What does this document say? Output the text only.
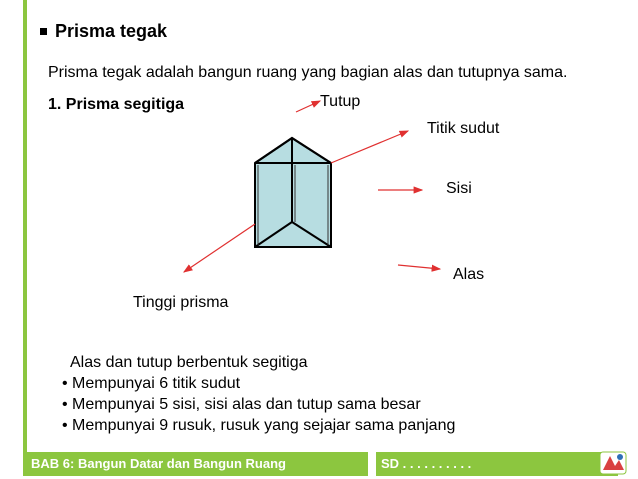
Prisma tegak
Prisma tegak adalah bangun ruang yang bagian alas dan tutupnya sama.
1. Prisma segitiga	Tutup
Titik sudut
Sisi
Alas
Tinggi prisma
Alas dan tutup berbentuk segitiga
• Mempunyai 6 titik sudut
• Mempunyai 5 sisi, sisi alas dan tutup sama besar
• Mempunyai 9 rusuk, rusuk yang sejajar sama panjang
BAB 6: Bangun Datar dan Bangun Ruang	SD . . . . . . . . . .
